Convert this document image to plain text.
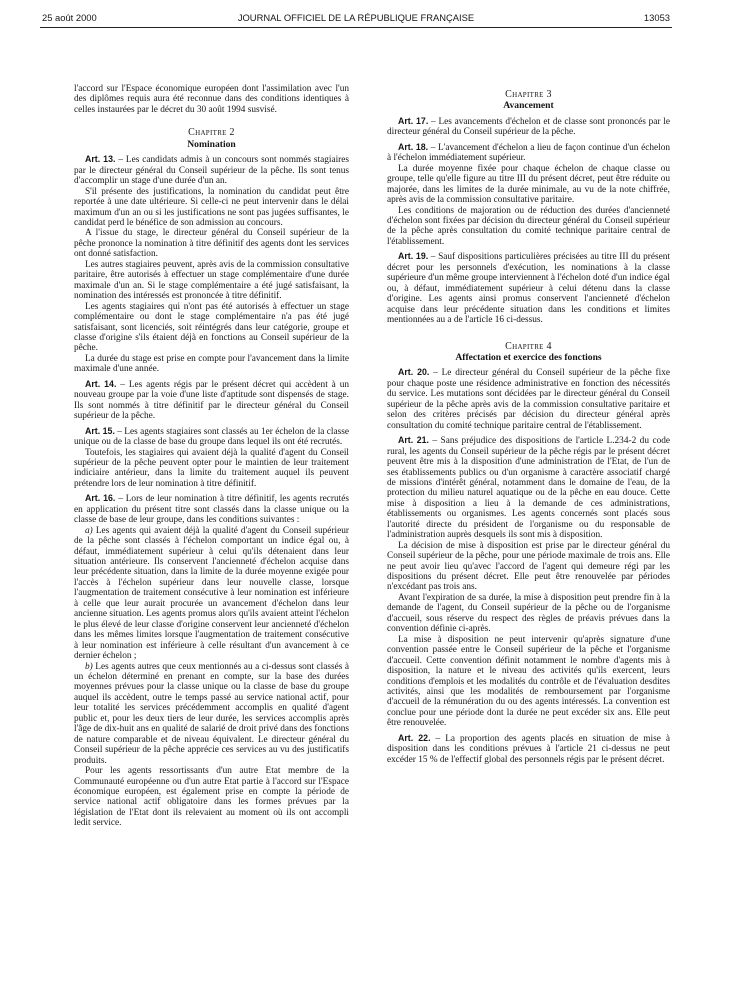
25 août 2000	JOURNAL OFFICIEL DE LA RÉPUBLIQUE FRANÇAISE	13053

l'accord sur l'Espace économique européen dont l'assimilation avec l'un des diplômes requis aura été reconnue dans des conditions identiques à celles instaurées par le décret du 30 août 1994 susvisé.

Chapitre 2
Nomination

Art. 13. – Les candidats admis à un concours sont nommés stagiaires par le directeur général du Conseil supérieur de la pêche. Ils sont tenus d'accomplir un stage d'une durée d'un an.

S'il présente des justifications, la nomination du candidat peut être reportée à une date ultérieure. Si celle-ci ne peut intervenir dans le délai maximum d'un an ou si les justifications ne sont pas jugées suffisantes, le candidat perd le bénéfice de son admission au concours.

A l'issue du stage, le directeur général du Conseil supérieur de la pêche prononce la nomination à titre définitif des agents dont les services ont donné satisfaction.

Les autres stagiaires peuvent, après avis de la commission consultative paritaire, être autorisés à effectuer un stage complémentaire d'une durée maximale d'un an. Si le stage complémentaire a été jugé satisfaisant, la nomination des intéressés est prononcée à titre définitif.

Les agents stagiaires qui n'ont pas été autorisés à effectuer un stage complémentaire ou dont le stage complémentaire n'a pas été jugé satisfaisant, sont licenciés, soit réintégrés dans leur catégorie, groupe et classe d'origine s'ils étaient déjà en fonctions au Conseil supérieur de la pêche.

La durée du stage est prise en compte pour l'avancement dans la limite maximale d'une année.

Art. 14. – Les agents régis par le présent décret qui accèdent à un nouveau groupe par la voie d'une liste d'aptitude sont dispensés de stage. Ils sont nommés à titre définitif par le directeur général du Conseil supérieur de la pêche.

Art. 15. – Les agents stagiaires sont classés au 1er échelon de la classe unique ou de la classe de base du groupe dans lequel ils ont été recrutés.

Toutefois, les stagiaires qui avaient déjà la qualité d'agent du Conseil supérieur de la pêche peuvent opter pour le maintien de leur traitement indiciaire antérieur, dans la limite du traitement auquel ils peuvent prétendre lors de leur nomination à titre définitif.

Art. 16. – Lors de leur nomination à titre définitif, les agents recrutés en application du présent titre sont classés dans la classe unique ou la classe de base de leur groupe, dans les conditions suivantes :

a) Les agents qui avaient déjà la qualité d'agent du Conseil supérieur de la pêche sont classés à l'échelon comportant un indice égal ou, à défaut, immédiatement supérieur à celui qu'ils détenaient dans leur situation antérieure. Ils conservent l'ancienneté d'échelon acquise dans leur précédente situation, dans la limite de la durée moyenne exigée pour l'accès à l'échelon supérieur dans leur nouvelle classe, lorsque l'augmentation de traitement consécutive à leur nomination est inférieure à celle que leur aurait procurée un avancement d'échelon dans leur ancienne situation. Les agents promus alors qu'ils avaient atteint l'échelon le plus élevé de leur classe d'origine conservent leur ancienneté d'échelon dans les mêmes limites lorsque l'augmentation de traitement consécutive à leur nomination est inférieure à celle résultant d'un avancement à ce dernier échelon ;

b) Les agents autres que ceux mentionnés au a ci-dessus sont classés à un échelon déterminé en prenant en compte, sur la base des durées moyennes prévues pour la classe unique ou la classe de base du groupe auquel ils accèdent, outre le temps passé au service national actif, pour leur totalité les services précédemment accomplis en qualité d'agent public et, pour les deux tiers de leur durée, les services accomplis après l'âge de dix-huit ans en qualité de salarié de droit privé dans des fonctions de nature comparable et de niveau équivalent. Le directeur général du Conseil supérieur de la pêche apprécie ces services au vu des justificatifs produits.

Pour les agents ressortissants d'un autre Etat membre de la Communauté européenne ou d'un autre Etat partie à l'accord sur l'Espace économique européen, est également prise en compte la période de service national actif obligatoire dans les formes prévues par la législation de l'Etat dont ils relevaient au moment où ils ont accompli ledit service.

Chapitre 3
Avancement

Art. 17. – Les avancements d'échelon et de classe sont prononcés par le directeur général du Conseil supérieur de la pêche.

Art. 18. – L'avancement d'échelon a lieu de façon continue d'un échelon à l'échelon immédiatement supérieur.

La durée moyenne fixée pour chaque échelon de chaque classe ou groupe, telle qu'elle figure au titre III du présent décret, peut être réduite ou majorée, dans les limites de la durée minimale, au vu de la note chiffrée, après avis de la commission consultative paritaire.

Les conditions de majoration ou de réduction des durées d'ancienneté d'échelon sont fixées par décision du directeur général du Conseil supérieur de la pêche après consultation du comité technique paritaire central de l'établissement.

Art. 19. – Sauf dispositions particulières précisées au titre III du présent décret pour les personnels d'exécution, les nominations à la classe supérieure d'un même groupe interviennent à l'échelon doté d'un indice égal ou, à défaut, immédiatement supérieur à celui détenu dans la classe d'origine. Les agents ainsi promus conservent l'ancienneté d'échelon acquise dans leur précédente situation dans les conditions et limites mentionnées au a de l'article 16 ci-dessus.

Chapitre 4
Affectation et exercice des fonctions

Art. 20. – Le directeur général du Conseil supérieur de la pêche fixe pour chaque poste une résidence administrative en fonction des nécessités du service. Les mutations sont décidées par le directeur général du Conseil supérieur de la pêche après avis de la commission consultative paritaire et selon des critères précisés par décision du directeur général après consultation du comité technique paritaire central de l'établissement.

Art. 21. – Sans préjudice des dispositions de l'article L.234-2 du code rural, les agents du Conseil supérieur de la pêche régis par le présent décret peuvent être mis à la disposition d'une administration de l'Etat, de l'un de ses établissements publics ou d'un organisme à caractère associatif chargé de missions d'intérêt général, notamment dans le domaine de l'eau, de la protection du milieu naturel aquatique ou de la pêche en eau douce. Cette mise à disposition a lieu à la demande de ces administrations, établissements ou organismes. Les agents concernés sont placés sous l'autorité directe du président de l'organisme ou du responsable de l'administration auprès desquels ils sont mis à disposition.

La décision de mise à disposition est prise par le directeur général du Conseil supérieur de la pêche, pour une période maximale de trois ans. Elle ne peut avoir lieu qu'avec l'accord de l'agent qui demeure régi par les dispositions du présent décret. Elle peut être renouvelée par périodes n'excédant pas trois ans.

Avant l'expiration de sa durée, la mise à disposition peut prendre fin à la demande de l'agent, du Conseil supérieur de la pêche ou de l'organisme d'accueil, sous réserve du respect des règles de préavis prévues dans la convention définie ci-après.

La mise à disposition ne peut intervenir qu'après signature d'une convention passée entre le Conseil supérieur de la pêche et l'organisme d'accueil. Cette convention définit notamment le nombre d'agents mis à disposition, la nature et le niveau des activités qu'ils exercent, leurs conditions d'emplois et les modalités du contrôle et de l'évaluation desdites activités, ainsi que les modalités de remboursement par l'organisme d'accueil de la rémunération du ou des agents intéressés. La convention est conclue pour une période dont la durée ne peut excéder six ans. Elle peut être renouvelée.

Art. 22. – La proportion des agents placés en situation de mise à disposition dans les conditions prévues à l'article 21 ci-dessus ne peut excéder 15 % de l'effectif global des personnels régis par le présent décret.
